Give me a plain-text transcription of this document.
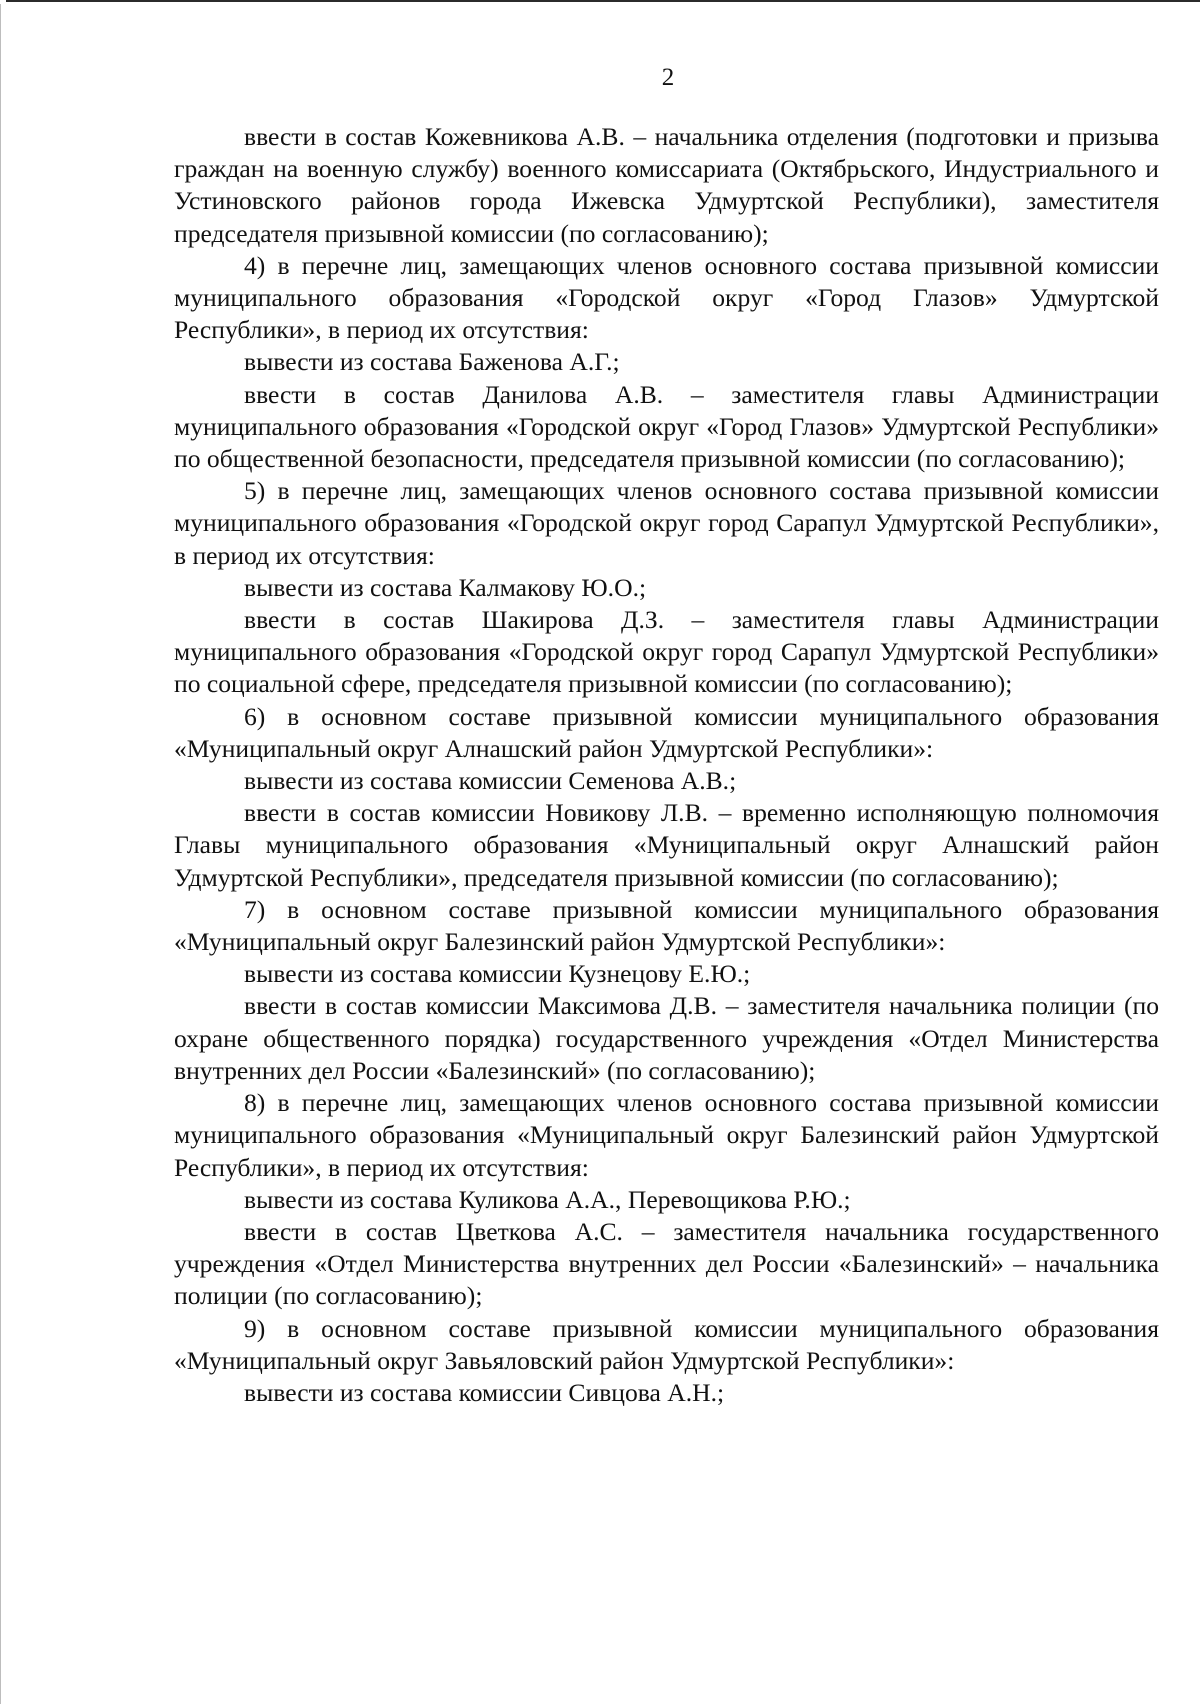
2

ввести в состав Кожевникова А.В. – начальника отделения (подготовки и призыва граждан на военную службу) военного комиссариата (Октябрьского, Индустриального и Устиновского районов города Ижевска Удмуртской Республики), заместителя председателя призывной комиссии (по согласованию);

4) в перечне лиц, замещающих членов основного состава призывной комиссии муниципального образования «Городской округ «Город Глазов» Удмуртской Республики», в период их отсутствия:

вывести из состава Баженова А.Г.;

ввести в состав Данилова А.В. – заместителя главы Администрации муниципального образования «Городской округ «Город Глазов» Удмуртской Республики» по общественной безопасности, председателя призывной комиссии (по согласованию);

5) в перечне лиц, замещающих членов основного состава призывной комиссии муниципального образования «Городской округ город Сарапул Удмуртской Республики», в период их отсутствия:

вывести из состава Калмакову Ю.О.;

ввести в состав Шакирова Д.З. – заместителя главы Администрации муниципального образования «Городской округ город Сарапул Удмуртской Республики» по социальной сфере, председателя призывной комиссии (по согласованию);

6) в основном составе призывной комиссии муниципального образования «Муниципальный округ Алнашский район Удмуртской Республики»:

вывести из состава комиссии Семенова А.В.;

ввести в состав комиссии Новикову Л.В. – временно исполняющую полномочия Главы муниципального образования «Муниципальный округ Алнашский район Удмуртской Республики», председателя призывной комиссии (по согласованию);

7) в основном составе призывной комиссии муниципального образования «Муниципальный округ Балезинский район Удмуртской Республики»:

вывести из состава комиссии Кузнецову Е.Ю.;

ввести в состав комиссии Максимова Д.В. – заместителя начальника полиции (по охране общественного порядка) государственного учреждения «Отдел Министерства внутренних дел России «Балезинский» (по согласованию);

8) в перечне лиц, замещающих членов основного состава призывной комиссии муниципального образования «Муниципальный округ Балезинский район Удмуртской Республики», в период их отсутствия:

вывести из состава Куликова А.А., Перевощикова Р.Ю.;

ввести в состав Цветкова А.С. – заместителя начальника государственного учреждения «Отдел Министерства внутренних дел России «Балезинский» – начальника полиции (по согласованию);

9) в основном составе призывной комиссии муниципального образования «Муниципальный округ Завьяловский район Удмуртской Республики»:

вывести из состава комиссии Сивцова А.Н.;
